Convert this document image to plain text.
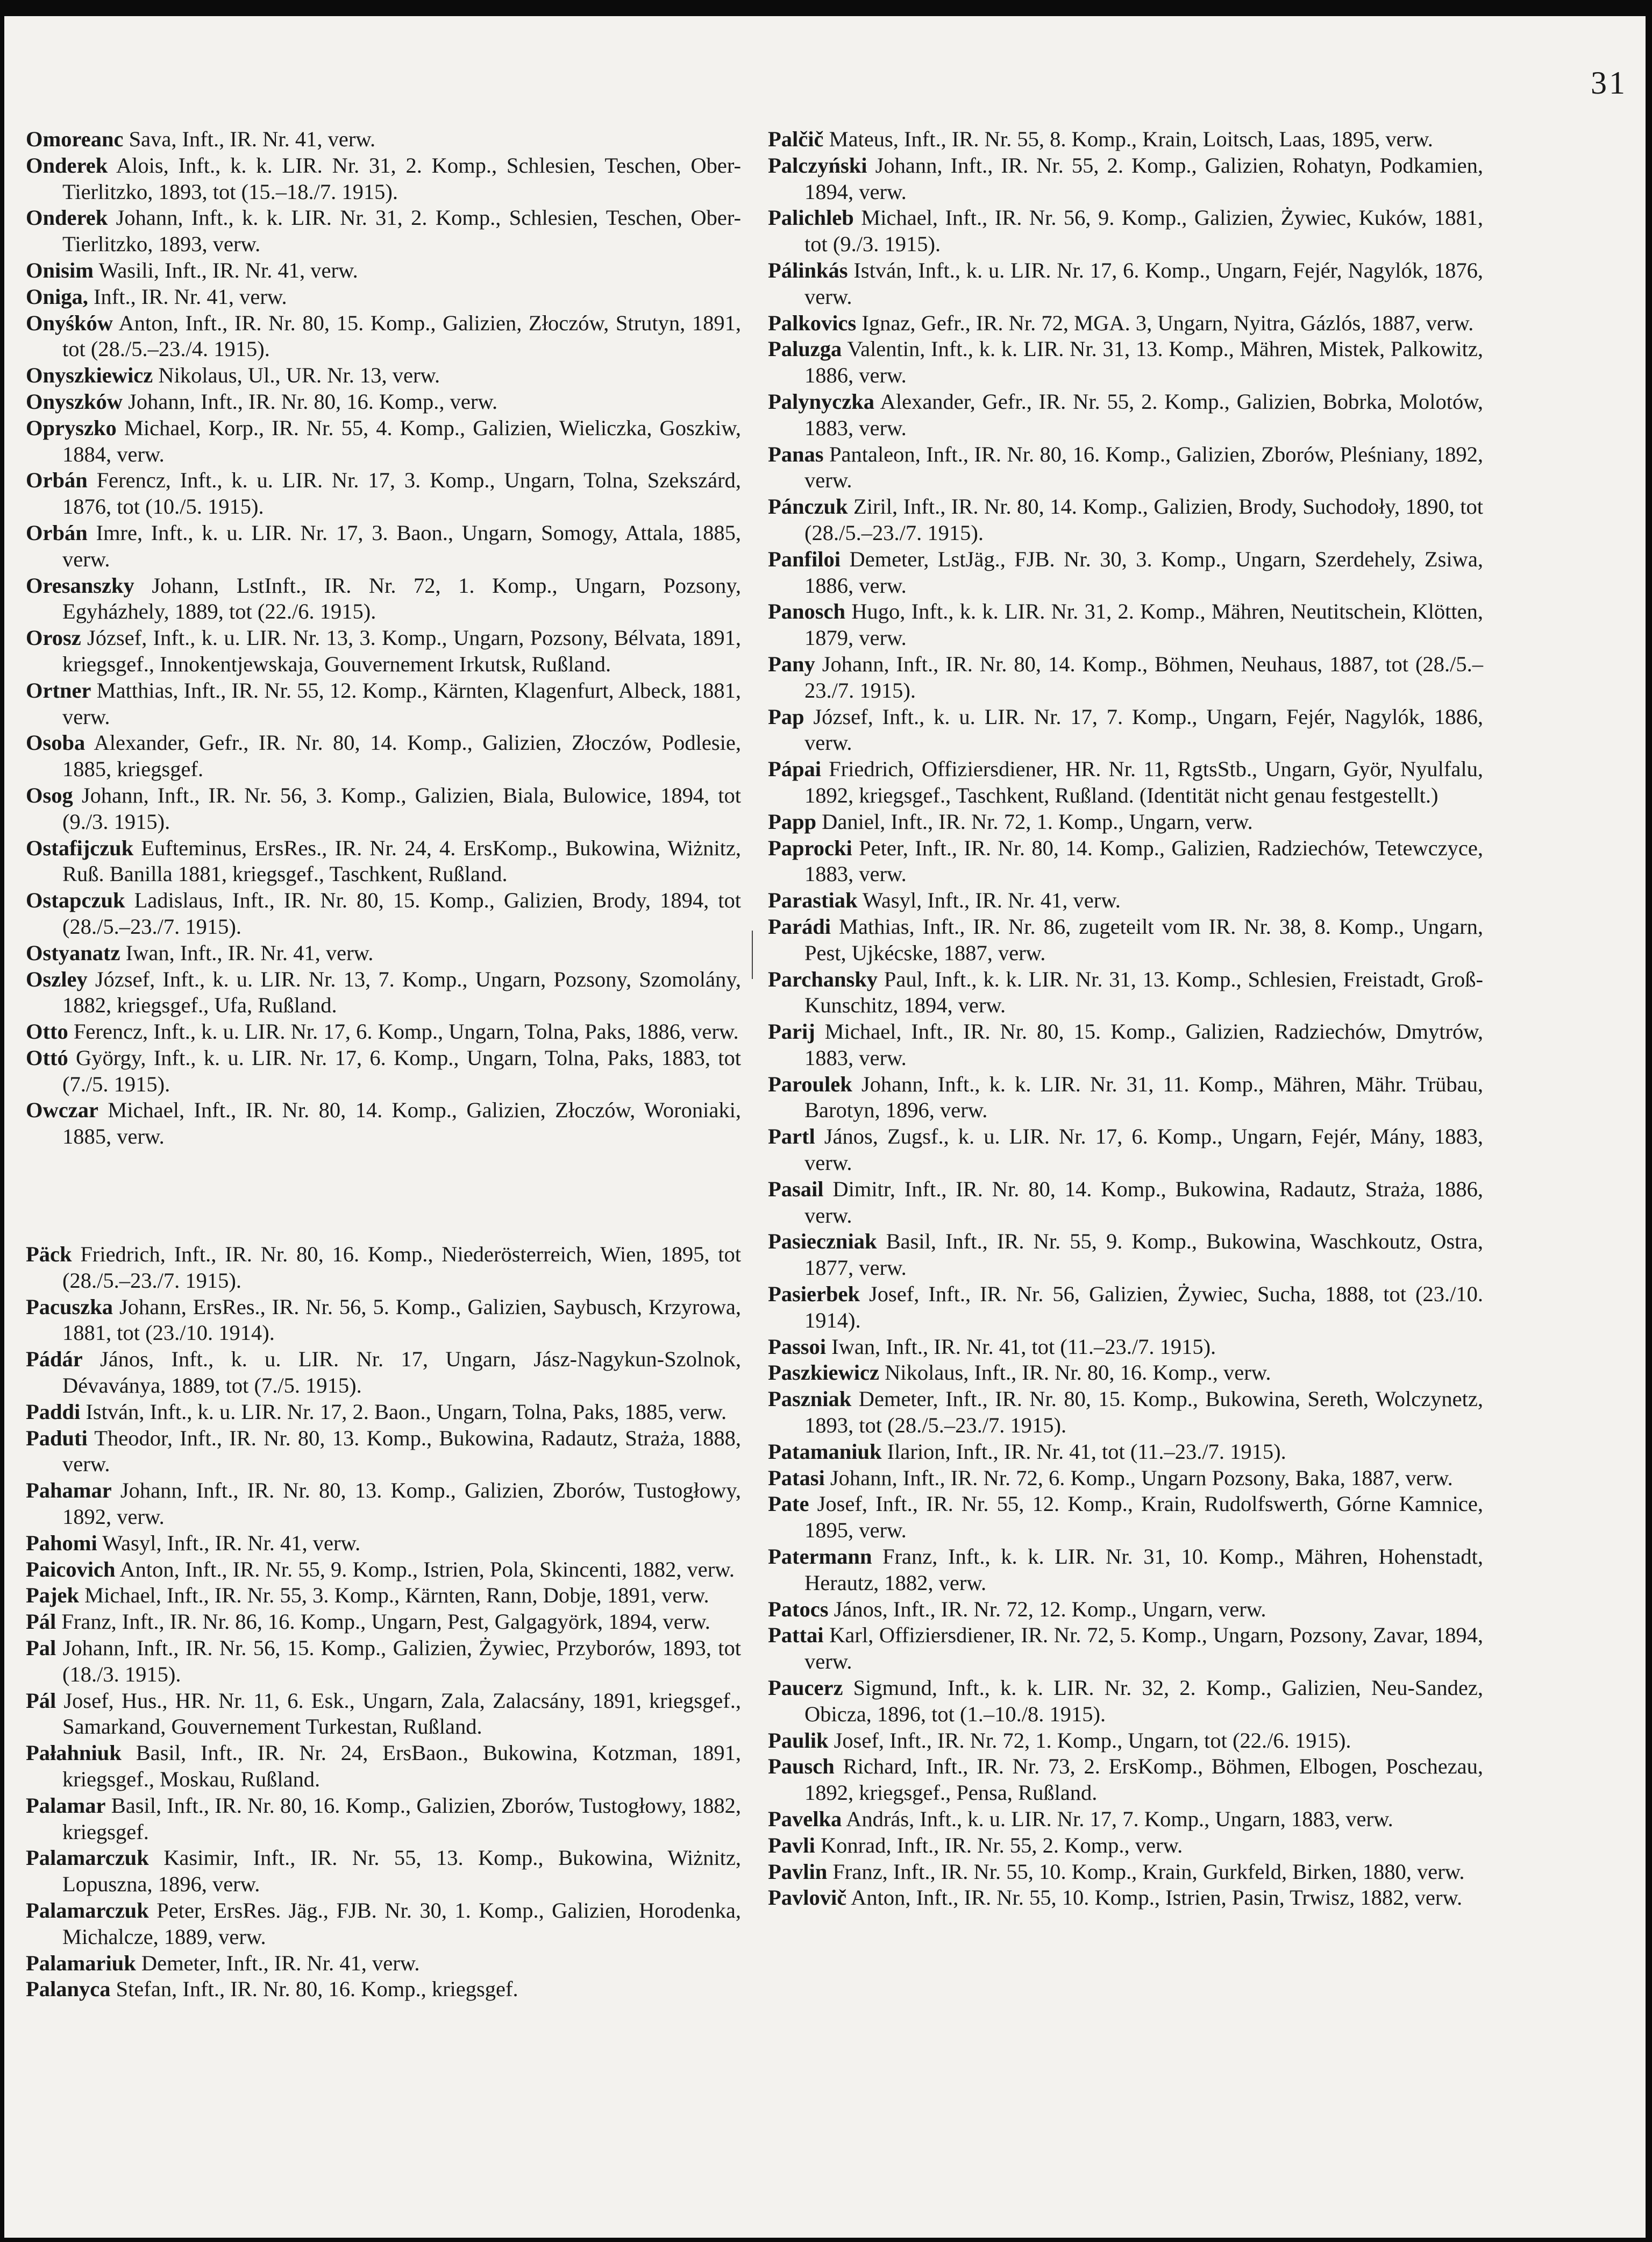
31
Omoreanc Sava, Inft., IR. Nr. 41, verw.
Onderek Alois, Inft., k. k. LIR. Nr. 31, 2. Komp., Schlesien, Teschen, Ober-Tierlitzko, 1893, tot (15.–18./7. 1915).
Onderek Johann, Inft., k. k. LIR. Nr. 31, 2. Komp., Schlesien, Teschen, Ober-Tierlitzko, 1893, verw.
Onisim Wasili, Inft., IR. Nr. 41, verw.
Oniga, Inft., IR. Nr. 41, verw.
Onyśków Anton, Inft., IR. Nr. 80, 15. Komp., Galizien, Złoczów, Strutyn, 1891, tot (28./5.–23./4. 1915).
Onyszkiewicz Nikolaus, Ul., UR. Nr. 13, verw.
Onyszków Johann, Inft., IR. Nr. 80, 16. Komp., verw.
Opryszko Michael, Korp., IR. Nr. 55, 4. Komp., Galizien, Wieliczka, Goszkiw, 1884, verw.
Orbán Ferencz, Inft., k. u. LIR. Nr. 17, 3. Komp., Ungarn, Tolna, Szekszárd, 1876, tot (10./5. 1915).
Orbán Imre, Inft., k. u. LIR. Nr. 17, 3. Baon., Ungarn, Somogy, Attala, 1885, verw.
Oresanszky Johann, LstInft., IR. Nr. 72, 1. Komp., Ungarn, Pozsony, Egyházhely, 1889, tot (22./6. 1915).
Orosz József, Inft., k. u. LIR. Nr. 13, 3. Komp., Ungarn, Pozsony, Bélvata, 1891, kriegsgef., Innokentjewskaja, Gouvernement Irkutsk, Rußland.
Ortner Matthias, Inft., IR. Nr. 55, 12. Komp., Kärnten, Klagenfurt, Albeck, 1881, verw.
Osoba Alexander, Gefr., IR. Nr. 80, 14. Komp., Galizien, Złoczów, Podlesie, 1885, kriegsgef.
Osog Johann, Inft., IR. Nr. 56, 3. Komp., Galizien, Biala, Bulowice, 1894, tot (9./3. 1915).
Ostafijczuk Eufteminus, ErsRes., IR. Nr. 24, 4. ErsKomp., Bukowina, Wiżnitz, Ruß. Banilla 1881, kriegsgef., Taschkent, Rußland.
Ostapczuk Ladislaus, Inft., IR. Nr. 80, 15. Komp., Galizien, Brody, 1894, tot (28./5.–23./7. 1915).
Ostyanatz Iwan, Inft., IR. Nr. 41, verw.
Oszley József, Inft., k. u. LIR. Nr. 13, 7. Komp., Ungarn, Pozsony, Szomolány, 1882, kriegsgef., Ufa, Rußland.
Otto Ferencz, Inft., k. u. LIR. Nr. 17, 6. Komp., Ungarn, Tolna, Paks, 1886, verw.
Ottó György, Inft., k. u. LIR. Nr. 17, 6. Komp., Ungarn, Tolna, Paks, 1883, tot (7./5. 1915).
Owczar Michael, Inft., IR. Nr. 80, 14. Komp., Galizien, Złoczów, Woroniaki, 1885, verw.
Päck Friedrich, Inft., IR. Nr. 80, 16. Komp., Niederösterreich, Wien, 1895, tot (28./5.–23./7. 1915).
Pacuszka Johann, ErsRes., IR. Nr. 56, 5. Komp., Galizien, Saybusch, Krzyrowa, 1881, tot (23./10. 1914).
Pádár János, Inft., k. u. LIR. Nr. 17, Ungarn, Jász-Nagykun-Szolnok, Dévaványa, 1889, tot (7./5. 1915).
Paddi István, Inft., k. u. LIR. Nr. 17, 2. Baon., Ungarn, Tolna, Paks, 1885, verw.
Paduti Theodor, Inft., IR. Nr. 80, 13. Komp., Bukowina, Radautz, Straża, 1888, verw.
Pahamar Johann, Inft., IR. Nr. 80, 13. Komp., Galizien, Zborów, Tustogłowy, 1892, verw.
Pahomi Wasyl, Inft., IR. Nr. 41, verw.
Paicovich Anton, Inft., IR. Nr. 55, 9. Komp., Istrien, Pola, Skincenti, 1882, verw.
Pajek Michael, Inft., IR. Nr. 55, 3. Komp., Kärnten, Rann, Dobje, 1891, verw.
Pál Franz, Inft., IR. Nr. 86, 16. Komp., Ungarn, Pest, Galgagyörk, 1894, verw.
Pal Johann, Inft., IR. Nr. 56, 15. Komp., Galizien, Żywiec, Przyborów, 1893, tot (18./3. 1915).
Pál Josef, Hus., HR. Nr. 11, 6. Esk., Ungarn, Zala, Zalacsány, 1891, kriegsgef., Samarkand, Gouvernement Turkestan, Rußland.
Pałahniuk Basil, Inft., IR. Nr. 24, ErsBaon., Bukowina, Kotzman, 1891, kriegsgef., Moskau, Rußland.
Palamar Basil, Inft., IR. Nr. 80, 16. Komp., Galizien, Zborów, Tustogłowy, 1882, kriegsgef.
Palamarczuk Kasimir, Inft., IR. Nr. 55, 13. Komp., Bukowina, Wiżnitz, Lopuszna, 1896, verw.
Palamarczuk Peter, ErsRes. Jäg., FJB. Nr. 30, 1. Komp., Galizien, Horodenka, Michalcze, 1889, verw.
Palamariuk Demeter, Inft., IR. Nr. 41, verw.
Palanyca Stefan, Inft., IR. Nr. 80, 16. Komp., kriegsgef.
Palčič Mateus, Inft., IR. Nr. 55, 8. Komp., Krain, Loitsch, Laas, 1895, verw.
Palczyński Johann, Inft., IR. Nr. 55, 2. Komp., Galizien, Rohatyn, Podkamien, 1894, verw.
Palichleb Michael, Inft., IR. Nr. 56, 9. Komp., Galizien, Żywiec, Kuków, 1881, tot (9./3. 1915).
Pálinkás István, Inft., k. u. LIR. Nr. 17, 6. Komp., Ungarn, Fejér, Nagylók, 1876, verw.
Palkovics Ignaz, Gefr., IR. Nr. 72, MGA. 3, Ungarn, Nyitra, Gázlós, 1887, verw.
Paluzga Valentin, Inft., k. k. LIR. Nr. 31, 13. Komp., Mähren, Mistek, Palkowitz, 1886, verw.
Palynyczka Alexander, Gefr., IR. Nr. 55, 2. Komp., Galizien, Bobrka, Molotów, 1883, verw.
Panas Pantaleon, Inft., IR. Nr. 80, 16. Komp., Galizien, Zborów, Pleśniany, 1892, verw.
Pánczuk Ziril, Inft., IR. Nr. 80, 14. Komp., Galizien, Brody, Suchodoły, 1890, tot (28./5.–23./7. 1915).
Panfiloi Demeter, LstJäg., FJB. Nr. 30, 3. Komp., Ungarn, Szerdehely, Zsiwa, 1886, verw.
Panosch Hugo, Inft., k. k. LIR. Nr. 31, 2. Komp., Mähren, Neutitschein, Klötten, 1879, verw.
Pany Johann, Inft., IR. Nr. 80, 14. Komp., Böhmen, Neuhaus, 1887, tot (28./5.–23./7. 1915).
Pap József, Inft., k. u. LIR. Nr. 17, 7. Komp., Ungarn, Fejér, Nagylók, 1886, verw.
Pápai Friedrich, Offiziersdiener, HR. Nr. 11, RgtsStb., Ungarn, Györ, Nyulfalu, 1892, kriegsgef., Taschkent, Rußland. (Identität nicht genau festgestellt.)
Papp Daniel, Inft., IR. Nr. 72, 1. Komp., Ungarn, verw.
Paprocki Peter, Inft., IR. Nr. 80, 14. Komp., Galizien, Radziechów, Tetewczyce, 1883, verw.
Parastiak Wasyl, Inft., IR. Nr. 41, verw.
Parádi Mathias, Inft., IR. Nr. 86, zugeteilt vom IR. Nr. 38, 8. Komp., Ungarn, Pest, Ujkécske, 1887, verw.
Parchansky Paul, Inft., k. k. LIR. Nr. 31, 13. Komp., Schlesien, Freistadt, Groß-Kunschitz, 1894, verw.
Parij Michael, Inft., IR. Nr. 80, 15. Komp., Galizien, Radziechów, Dmytrów, 1883, verw.
Paroulek Johann, Inft., k. k. LIR. Nr. 31, 11. Komp., Mähren, Mähr. Trübau, Barotyn, 1896, verw.
Partl János, Zugsf., k. u. LIR. Nr. 17, 6. Komp., Ungarn, Fejér, Mány, 1883, verw.
Pasail Dimitr, Inft., IR. Nr. 80, 14. Komp., Bukowina, Radautz, Straża, 1886, verw.
Pasieczniak Basil, Inft., IR. Nr. 55, 9. Komp., Bukowina, Waschkoutz, Ostra, 1877, verw.
Pasierbek Josef, Inft., IR. Nr. 56, Galizien, Żywiec, Sucha, 1888, tot (23./10. 1914).
Passoi Iwan, Inft., IR. Nr. 41, tot (11.–23./7. 1915).
Paszkiewicz Nikolaus, Inft., IR. Nr. 80, 16. Komp., verw.
Paszniak Demeter, Inft., IR. Nr. 80, 15. Komp., Bukowina, Sereth, Wolczynetz, 1893, tot (28./5.–23./7. 1915).
Patamaniuk Ilarion, Inft., IR. Nr. 41, tot (11.–23./7. 1915).
Patasi Johann, Inft., IR. Nr. 72, 6. Komp., Ungarn Pozsony, Baka, 1887, verw.
Pate Josef, Inft., IR. Nr. 55, 12. Komp., Krain, Rudolfswerth, Górne Kamnice, 1895, verw.
Patermann Franz, Inft., k. k. LIR. Nr. 31, 10. Komp., Mähren, Hohenstadt, Herautz, 1882, verw.
Patocs János, Inft., IR. Nr. 72, 12. Komp., Ungarn, verw.
Pattai Karl, Offiziersdiener, IR. Nr. 72, 5. Komp., Ungarn, Pozsony, Zavar, 1894, verw.
Paucerz Sigmund, Inft., k. k. LIR. Nr. 32, 2. Komp., Galizien, Neu-Sandez, Obicza, 1896, tot (1.–10./8. 1915).
Paulik Josef, Inft., IR. Nr. 72, 1. Komp., Ungarn, tot (22./6. 1915).
Pausch Richard, Inft., IR. Nr. 73, 2. ErsKomp., Böhmen, Elbogen, Poschezau, 1892, kriegsgef., Pensa, Rußland.
Pavelka András, Inft., k. u. LIR. Nr. 17, 7. Komp., Ungarn, 1883, verw.
Pavli Konrad, Inft., IR. Nr. 55, 2. Komp., verw.
Pavlin Franz, Inft., IR. Nr. 55, 10. Komp., Krain, Gurkfeld, Birken, 1880, verw.
Pavlovič Anton, Inft., IR. Nr. 55, 10. Komp., Istrien, Pasin, Trwisz, 1882, verw.
